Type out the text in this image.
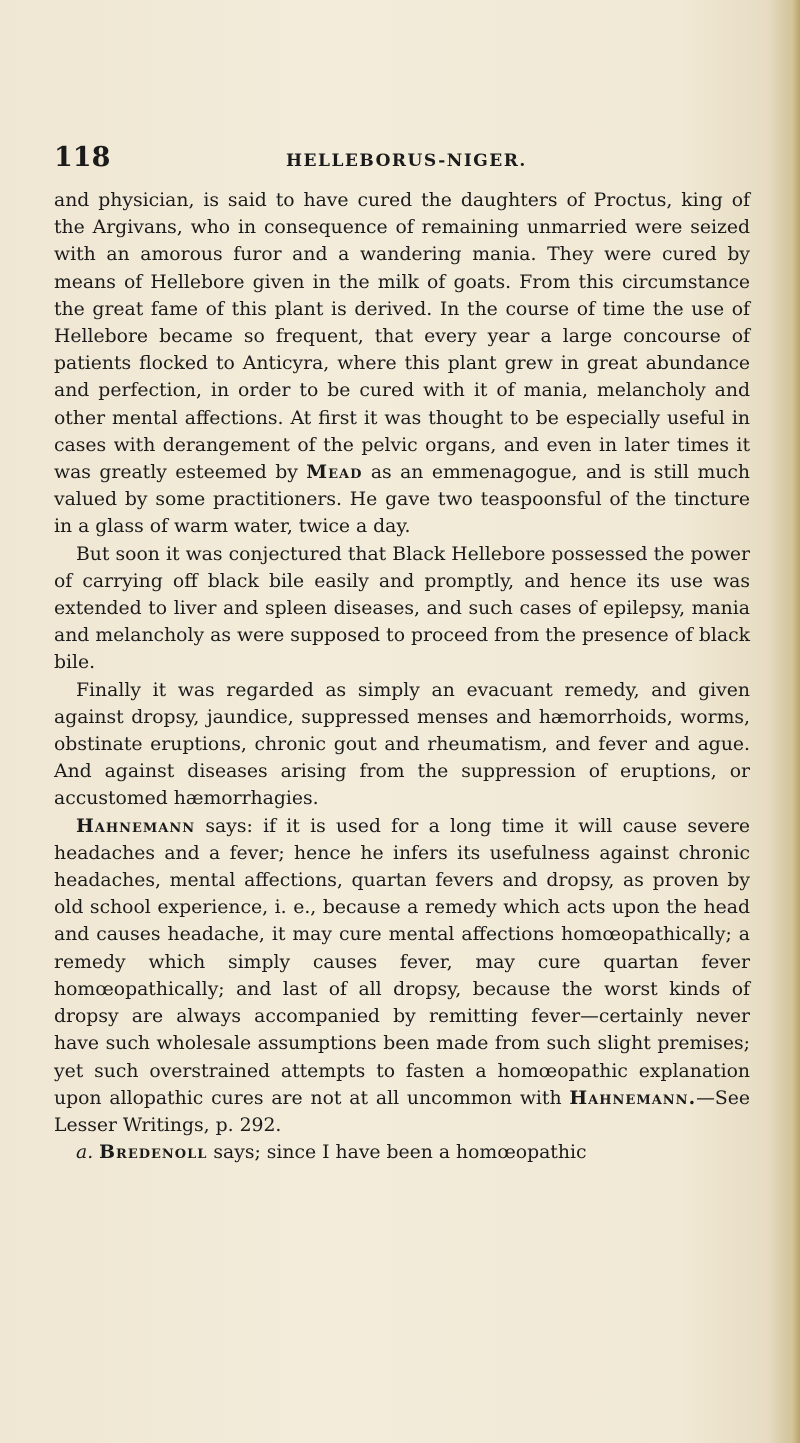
118	HELLEBORUS-NIGER.

and physician, is said to have cured the daughters of Proctus, king of the Argivans, who in consequence of remaining unmarried were seized with an amorous furor and a wandering mania. They were cured by means of Hellebore given in the milk of goats. From this circumstance the great fame of this plant is derived. In the course of time the use of Hellebore became so frequent, that every year a large concourse of patients flocked to Anticyra, where this plant grew in great abundance and perfection, in order to be cured with it of mania, melancholy and other mental affections. At first it was thought to be especially useful in cases with derangement of the pelvic organs, and even in later times it was greatly esteemed by Mead as an emmenagogue, and is still much valued by some practitioners. He gave two teaspoonsful of the tincture in a glass of warm water, twice a day.

But soon it was conjectured that Black Hellebore possessed the power of carrying off black bile easily and promptly, and hence its use was extended to liver and spleen diseases, and such cases of epilepsy, mania and melancholy as were supposed to proceed from the presence of black bile.

Finally it was regarded as simply an evacuant remedy, and given against dropsy, jaundice, suppressed menses and hæmorrhoids, worms, obstinate eruptions, chronic gout and rheumatism, and fever and ague. And against diseases arising from the suppression of eruptions, or accustomed hæmorrhagies.

Hahnemann says: if it is used for a long time it will cause severe headaches and a fever; hence he infers its usefulness against chronic headaches, mental affections, quartan fevers and dropsy, as proven by old school experience, i. e., because a remedy which acts upon the head and causes headache, it may cure mental affections homœopathically; a remedy which simply causes fever, may cure quartan fever homœopathically; and last of all dropsy, because the worst kinds of dropsy are always accompanied by remitting fever—certainly never have such wholesale assumptions been made from such slight premises; yet such overstrained attempts to fasten a homœopathic explanation upon allopathic cures are not at all uncommon with Hahnemann.—See Lesser Writings, p. 292.

a. Bredenoll says; since I have been a homœopathic
